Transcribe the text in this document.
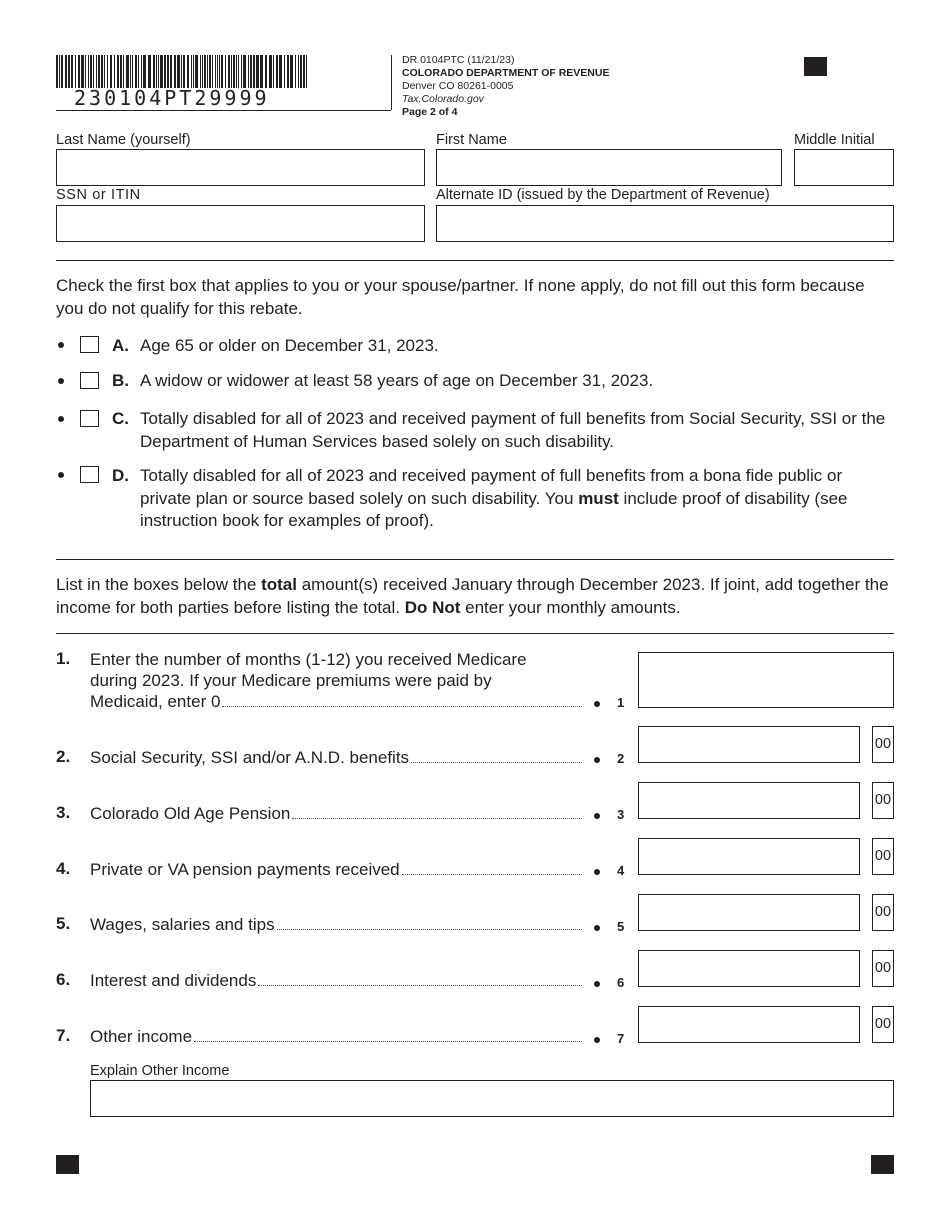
230104PT29999
DR 0104PTC (11/21/23)
COLORADO DEPARTMENT OF REVENUE
Denver CO 80261-0005
Tax.Colorado.gov
Page 2 of 4
Last Name (yourself)	First Name	Middle Initial
SSN or ITIN	Alternate ID (issued by the Department of Revenue)
Check the first box that applies to you or your spouse/partner. If none apply, do not fill out this form because you do not qualify for this rebate.
A. Age 65 or older on December 31, 2023.
B. A widow or widower at least 58 years of age on December 31, 2023.
C. Totally disabled for all of 2023 and received payment of full benefits from Social Security, SSI or the Department of Human Services based solely on such disability.
D. Totally disabled for all of 2023 and received payment of full benefits from a bona fide public or private plan or source based solely on such disability. You must include proof of disability (see instruction book for examples of proof).
List in the boxes below the total amount(s) received January through December 2023. If joint, add together the income for both parties before listing the total. Do Not enter your monthly amounts.
1. Enter the number of months (1-12) you received Medicare
during 2023. If your Medicare premiums were paid by
Medicaid, enter 0	1
2. Social Security, SSI and/or A.N.D. benefits	2
00
3. Colorado Old Age Pension	3
00
4. Private or VA pension payments received	4
00
5. Wages, salaries and tips	5
00
6. Interest and dividends	6
00
7. Other income	7
00
Explain Other Income
